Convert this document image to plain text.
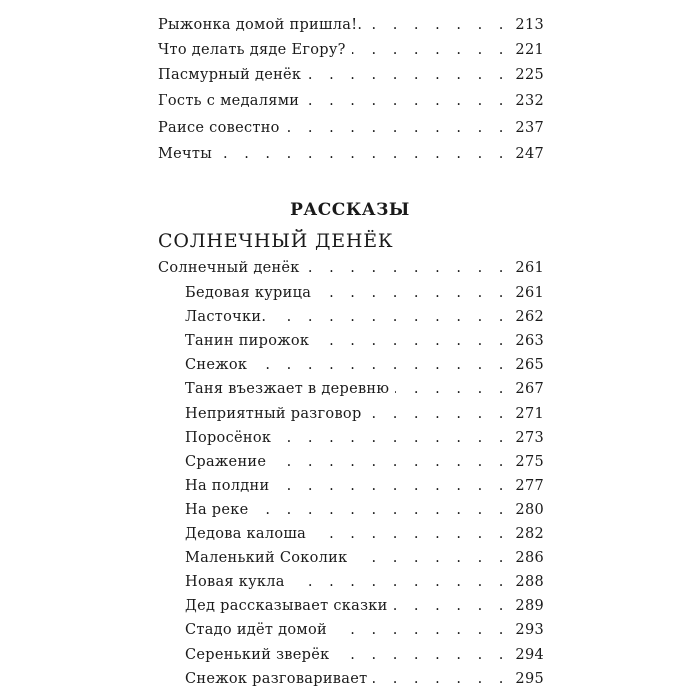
РАССКАЗЫ
СОЛНЕЧНЫЙ ДЕНЁК
Рыжонка домой пришла!. . . .	213
Что делать дяде Егору? . . .	221
Пасмурный денёк . . .	225
Гость с медалями . . .	232
Раисе совестно . . .	237
Мечты . . .	247
Солнечный денёк . . .	261
Бедовая курица . . .	261
Ласточки. . . .	262
Танин пирожок . . .	263
Снежок . . .	265
Таня въезжает в деревню . . .	267
Неприятный разговор . . .	271
Поросёнок . . .	273
Сражение . . .	275
На полдни . . .	277
На реке . . .	280
Дедова калоша . . .	282
Маленький Соколик . . .	286
Новая кукла . . .	288
Дед рассказывает сказки . . .	289
Стадо идёт домой . . .	293
Серенький зверёк . . .	294
Снежок разговаривает . . .	295
